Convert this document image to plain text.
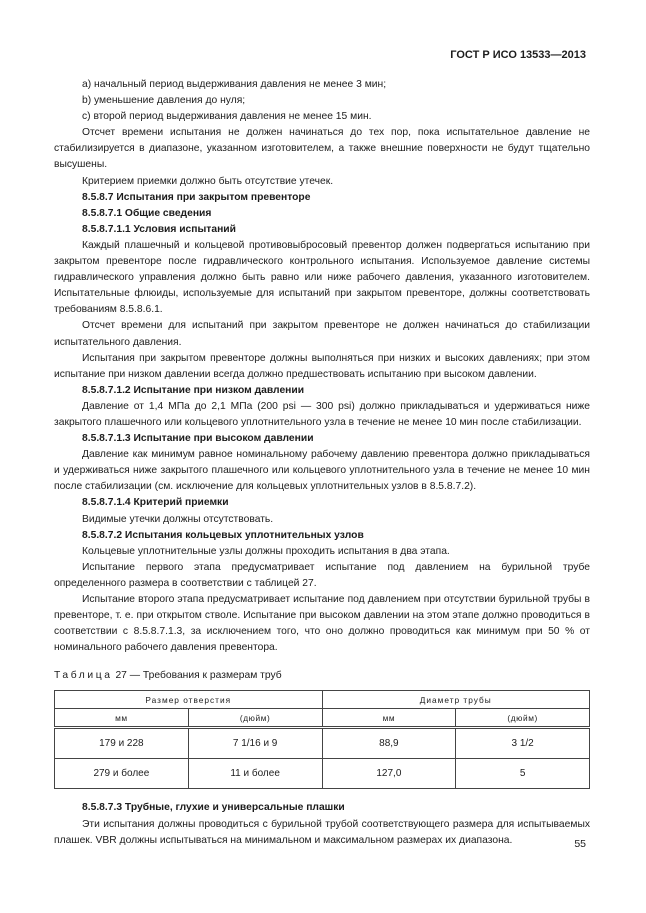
ГОСТ Р ИСО 13533—2013

a) начальный период выдерживания давления не менее 3 мин;

b) уменьшение давления до нуля;

c) второй период выдерживания давления не менее 15 мин.

Отсчет времени испытания не должен начинаться до тех пор, пока испытательное давление не стабилизируется в диапазоне, указанном изготовителем, а также внешние поверхности не будут тщательно высушены.

Критерием приемки должно быть отсутствие утечек.

8.5.8.7 Испытания при закрытом превенторе

8.5.8.7.1 Общие сведения

8.5.8.7.1.1 Условия испытаний

Каждый плашечный и кольцевой противовыбросовый превентор должен подвергаться испытанию при закрытом превенторе после гидравлического контрольного испытания. Используемое давление системы гидравлического управления должно быть равно или ниже рабочего давления, указанного изготовителем. Испытательные флюиды, используемые для испытаний при закрытом превенторе, должны соответствовать требованиям 8.5.8.6.1.

Отсчет времени для испытаний при закрытом превенторе не должен начинаться до стабилизации испытательного давления.

Испытания при закрытом превенторе должны выполняться при низких и высоких давлениях; при этом испытание при низком давлении всегда должно предшествовать испытанию при высоком давлении.

8.5.8.7.1.2 Испытание при низком давлении

Давление от 1,4 МПа до 2,1 МПа (200 psi — 300 psi) должно прикладываться и удерживаться ниже закрытого плашечного или кольцевого уплотнительного узла в течение не менее 10 мин после стабилизации.

8.5.8.7.1.3 Испытание при высоком давлении

Давление как минимум равное номинальному рабочему давлению превентора должно прикладываться и удерживаться ниже закрытого плашечного или кольцевого уплотнительного узла в течение не менее 10 мин после стабилизации (см. исключение для кольцевых уплотнительных узлов в 8.5.8.7.2).

8.5.8.7.1.4 Критерий приемки

Видимые утечки должны отсутствовать.

8.5.8.7.2 Испытания кольцевых уплотнительных узлов

Кольцевые уплотнительные узлы должны проходить испытания в два этапа.

Испытание первого этапа предусматривает испытание под давлением на бурильной трубе определенного размера в соответствии с таблицей 27.

Испытание второго этапа предусматривает испытание под давлением при отсутствии бурильной трубы в превенторе, т. е. при открытом стволе. Испытание при высоком давлении на этом этапе должно проводиться в соответствии с 8.5.8.7.1.3, за исключением того, что оно должно проводиться как минимум при 50 % от номинального рабочего давления превентора.

Таблица 27 — Требования к размерам труб
Размер отверстия		Диаметр трубы	
мм	(дюйм)	мм	(дюйм)
179 и 228	7 1/16 и 9	88,9	3 1/2
279 и более	11 и более	127,0	5

8.5.8.7.3 Трубные, глухие и универсальные плашки

Эти испытания должны проводиться с бурильной трубой соответствующего размера для испытываемых плашек. VBR должны испытываться на минимальном и максимальном размерах их диапазона.	55
